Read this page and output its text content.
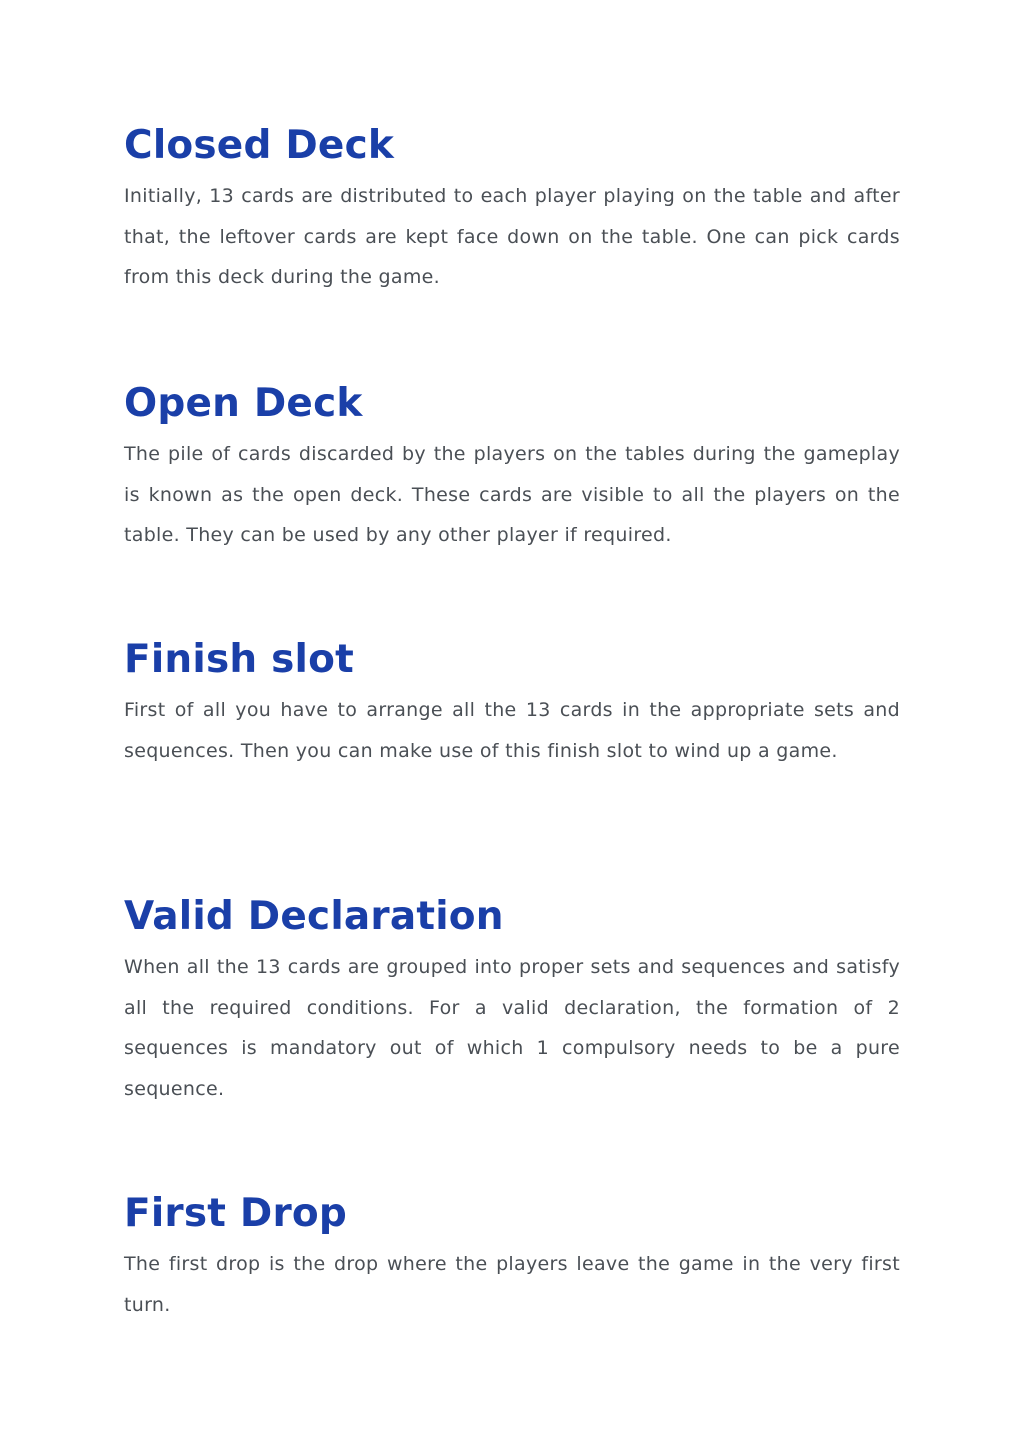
Closed Deck

Initially, 13 cards are distributed to each player playing on the table and after that, the leftover cards are kept face down on the table. One can pick cards from this deck during the game.

Open Deck

The pile of cards discarded by the players on the tables during the gameplay is known as the open deck. These cards are visible to all the players on the table. They can be used by any other player if required.

Finish slot

First of all you have to arrange all the 13 cards in the appropriate sets and sequences. Then you can make use of this finish slot to wind up a game.

Valid Declaration

When all the 13 cards are grouped into proper sets and sequences and satisfy all the required conditions. For a valid declaration, the formation of 2 sequences is mandatory out of which 1 compulsory needs to be a pure sequence.

First Drop

The first drop is the drop where the players leave the game in the very first turn.
